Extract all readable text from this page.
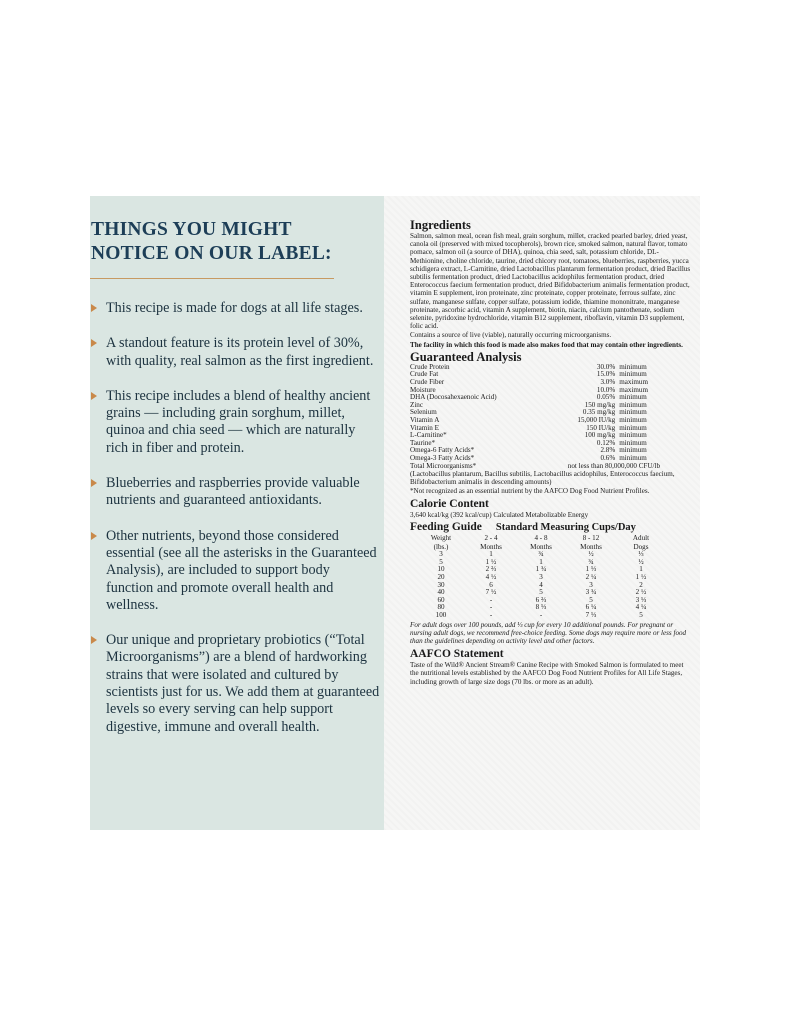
THINGS YOU MIGHT
NOTICE ON OUR LABEL:
This recipe is made for dogs at all life stages.
A standout feature is its protein level of 30%, with quality, real salmon as the first ingredient.
This recipe includes a blend of healthy ancient grains — including grain sorghum, millet, quinoa and chia seed — which are naturally rich in fiber and protein.
Blueberries and raspberries provide valuable nutrients and guaranteed antioxidants.
Other nutrients, beyond those considered essential (see all the asterisks in the Guaranteed Analysis), are included to support body function and promote overall health and wellness.
Our unique and proprietary probiotics (“Total Microorganisms”) are a blend of hardworking strains that were isolated and cultured by scientists just for us. We add them at guaranteed levels so every serving can help support digestive, immune and overall health.

Ingredients

Salmon, salmon meal, ocean fish meal, grain sorghum, millet, cracked pearled barley, dried yeast, canola oil (preserved with mixed tocopherols), brown rice, smoked salmon, natural flavor, tomato pomace, salmon oil (a source of DHA), quinoa, chia seed, salt, potassium chloride, DL-Methionine, choline chloride, taurine, dried chicory root, tomatoes, blueberries, raspberries, yucca schidigera extract, L-Carnitine, dried Lactobacillus plantarum fermentation product, dried Bacillus subtilis fermentation product, dried Lactobacillus acidophilus fermentation product, dried Enterococcus faecium fermentation product, dried Bifidobacterium animalis fermentation product, vitamin E supplement, iron proteinate, zinc proteinate, copper proteinate, ferrous sulfate, zinc sulfate, manganese sulfate, copper sulfate, potassium iodide, thiamine mononitrate, manganese proteinate, ascorbic acid, vitamin A supplement, biotin, niacin, calcium pantothenate, sodium selenite, pyridoxine hydrochloride, vitamin B12 supplement, riboflavin, vitamin D3 supplement, folic acid.

Contains a source of live (viable), naturally occurring microorganisms.

The facility in which this food is made also makes food that may contain other ingredients.

Guaranteed Analysis

Crude Protein	30.0%	minimum
Crude Fat	15.0%	minimum
Crude Fiber	3.0%	maximum
Moisture	10.0%	maximum
DHA (Docosahexaenoic Acid)	0.05%	minimum
Zinc	150 mg/kg	minimum
Selenium	0.35 mg/kg	minimum
Vitamin A	15,000 IU/kg	minimum
Vitamin E	150 IU/kg	minimum
L-Carnitine*	100 mg/kg	minimum
Taurine*	0.12%	minimum
Omega-6 Fatty Acids*	2.8%	minimum
Omega-3 Fatty Acids*	0.6%	minimum
Total Microorganisms*	not less than 80,000,000 CFU/lb

(Lactobacillus plantarum, Bacillus subtilis, Lactobacillus acidophilus, Enterococcus faecium, Bifidobacterium animalis in descending amounts)

*Not recognized as an essential nutrient by the AAFCO Dog Food Nutrient Profiles.

Calorie Content

3,640 kcal/kg (392 kcal/cup) Calculated Metabolizable Energy

Feeding Guide Standard Measuring Cups/Day
Weight	2 - 4	4 - 8	8 - 12	Adult
(lbs.)	Months	Months	Months	Dogs
3	1	¾	½	⅓
5	1 ½	1	¾	½
10	2 ⅔	1 ¾	1 ⅓	1
20	4 ½	3	2 ¼	1 ½
30	6	4	3	2
40	7 ½	5	3 ¾	2 ½
60	-	6 ⅔	5	3 ⅓
80	-	8 ⅓	6 ¼	4 ¼
100	-	-	7 ⅓	5

For adult dogs over 100 pounds, add ⅓ cup for every 10 additional pounds. For pregnant or nursing adult dogs, we recommend free-choice feeding. Some dogs may require more or less food than the guidelines depending on activity level and other factors.

AAFCO Statement

Taste of the Wild® Ancient Stream® Canine Recipe with Smoked Salmon is formulated to meet the nutritional levels established by the AAFCO Dog Food Nutrient Profiles for All Life Stages, including growth of large size dogs (70 lbs. or more as an adult).
